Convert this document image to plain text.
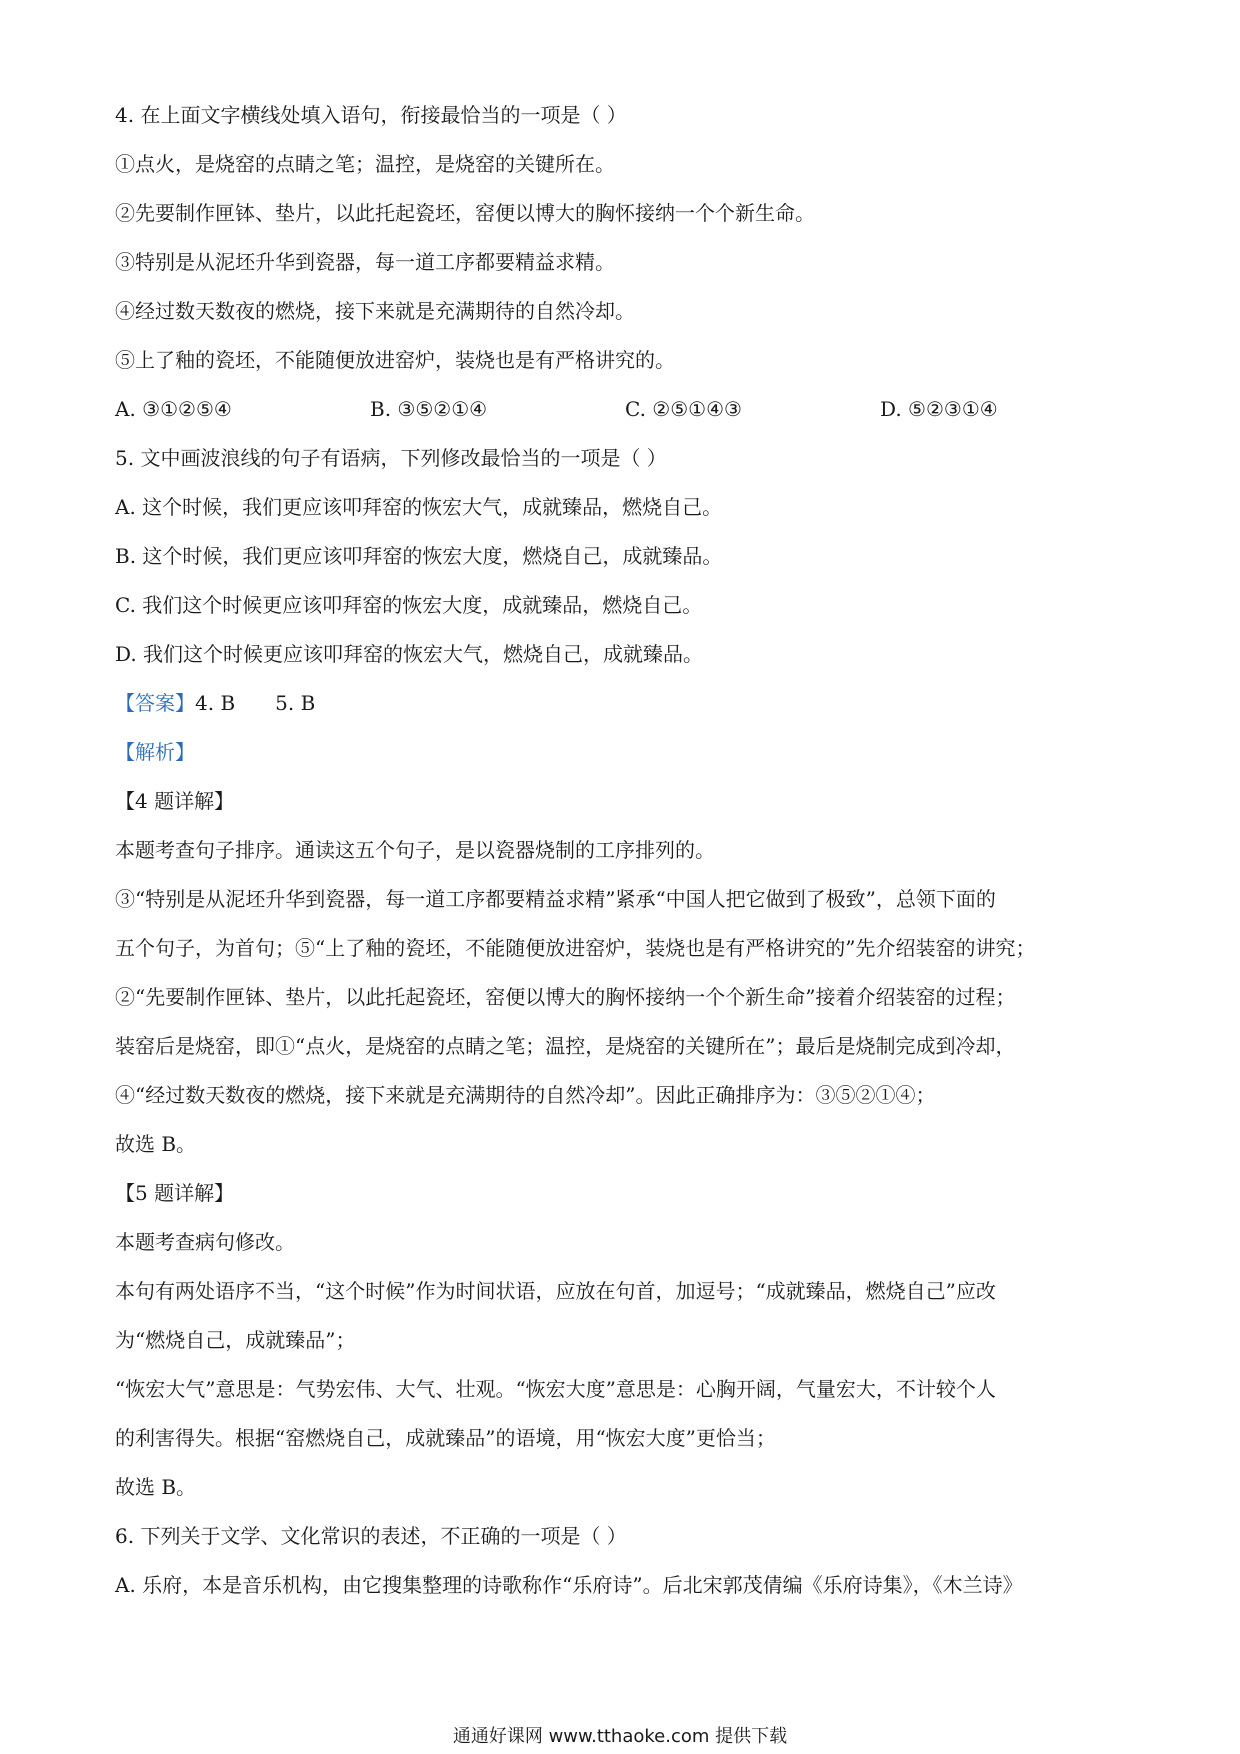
4. 在上面文字横线处填入语句，衔接最恰当的一项是（ ）
①点火，是烧窑的点睛之笔；温控，是烧窑的关键所在。
②先要制作匣钵、垫片，以此托起瓷坯，窑便以博大的胸怀接纳一个个新生命。
③特别是从泥坯升华到瓷器，每一道工序都要精益求精。
④经过数天数夜的燃烧，接下来就是充满期待的自然冷却。
⑤上了釉的瓷坯，不能随便放进窑炉，装烧也是有严格讲究的。
A. ③①②⑤④	B. ③⑤②①④	C. ②⑤①④③	D. ⑤②③①④
5. 文中画波浪线的句子有语病，下列修改最恰当的一项是（ ）
A. 这个时候，我们更应该叩拜窑的恢宏大气，成就臻品，燃烧自己。
B. 这个时候，我们更应该叩拜窑的恢宏大度，燃烧自己，成就臻品。
C. 我们这个时候更应该叩拜窑的恢宏大度，成就臻品，燃烧自己。
D. 我们这个时候更应该叩拜窑的恢宏大气，燃烧自己，成就臻品。
【答案】4. B 5. B
【解析】
【4 题详解】
本题考查句子排序。通读这五个句子，是以瓷器烧制的工序排列的。
③“特别是从泥坯升华到瓷器，每一道工序都要精益求精”紧承“中国人把它做到了极致”，总领下面的
五个句子，为首句；⑤“上了釉的瓷坯，不能随便放进窑炉，装烧也是有严格讲究的”先介绍装窑的讲究；
②“先要制作匣钵、垫片，以此托起瓷坯，窑便以博大的胸怀接纳一个个新生命”接着介绍装窑的过程；
装窑后是烧窑，即①“点火，是烧窑的点睛之笔；温控，是烧窑的关键所在”；最后是烧制完成到冷却，
④“经过数天数夜的燃烧，接下来就是充满期待的自然冷却”。因此正确排序为：③⑤②①④；
故选 B。
【5 题详解】
本题考查病句修改。
本句有两处语序不当，“这个时候”作为时间状语，应放在句首，加逗号；“成就臻品，燃烧自己”应改
为“燃烧自己，成就臻品”；
“恢宏大气”意思是：气势宏伟、大气、壮观。“恢宏大度”意思是：心胸开阔，气量宏大，不计较个人
的利害得失。根据“窑燃烧自己，成就臻品”的语境，用“恢宏大度”更恰当；
故选 B。
6. 下列关于文学、文化常识的表述，不正确的一项是（ ）
A. 乐府，本是音乐机构，由它搜集整理的诗歌称作“乐府诗”。后北宋郭茂倩编《乐府诗集》，《木兰诗》
通通好课网 www.tthaoke.com 提供下载
